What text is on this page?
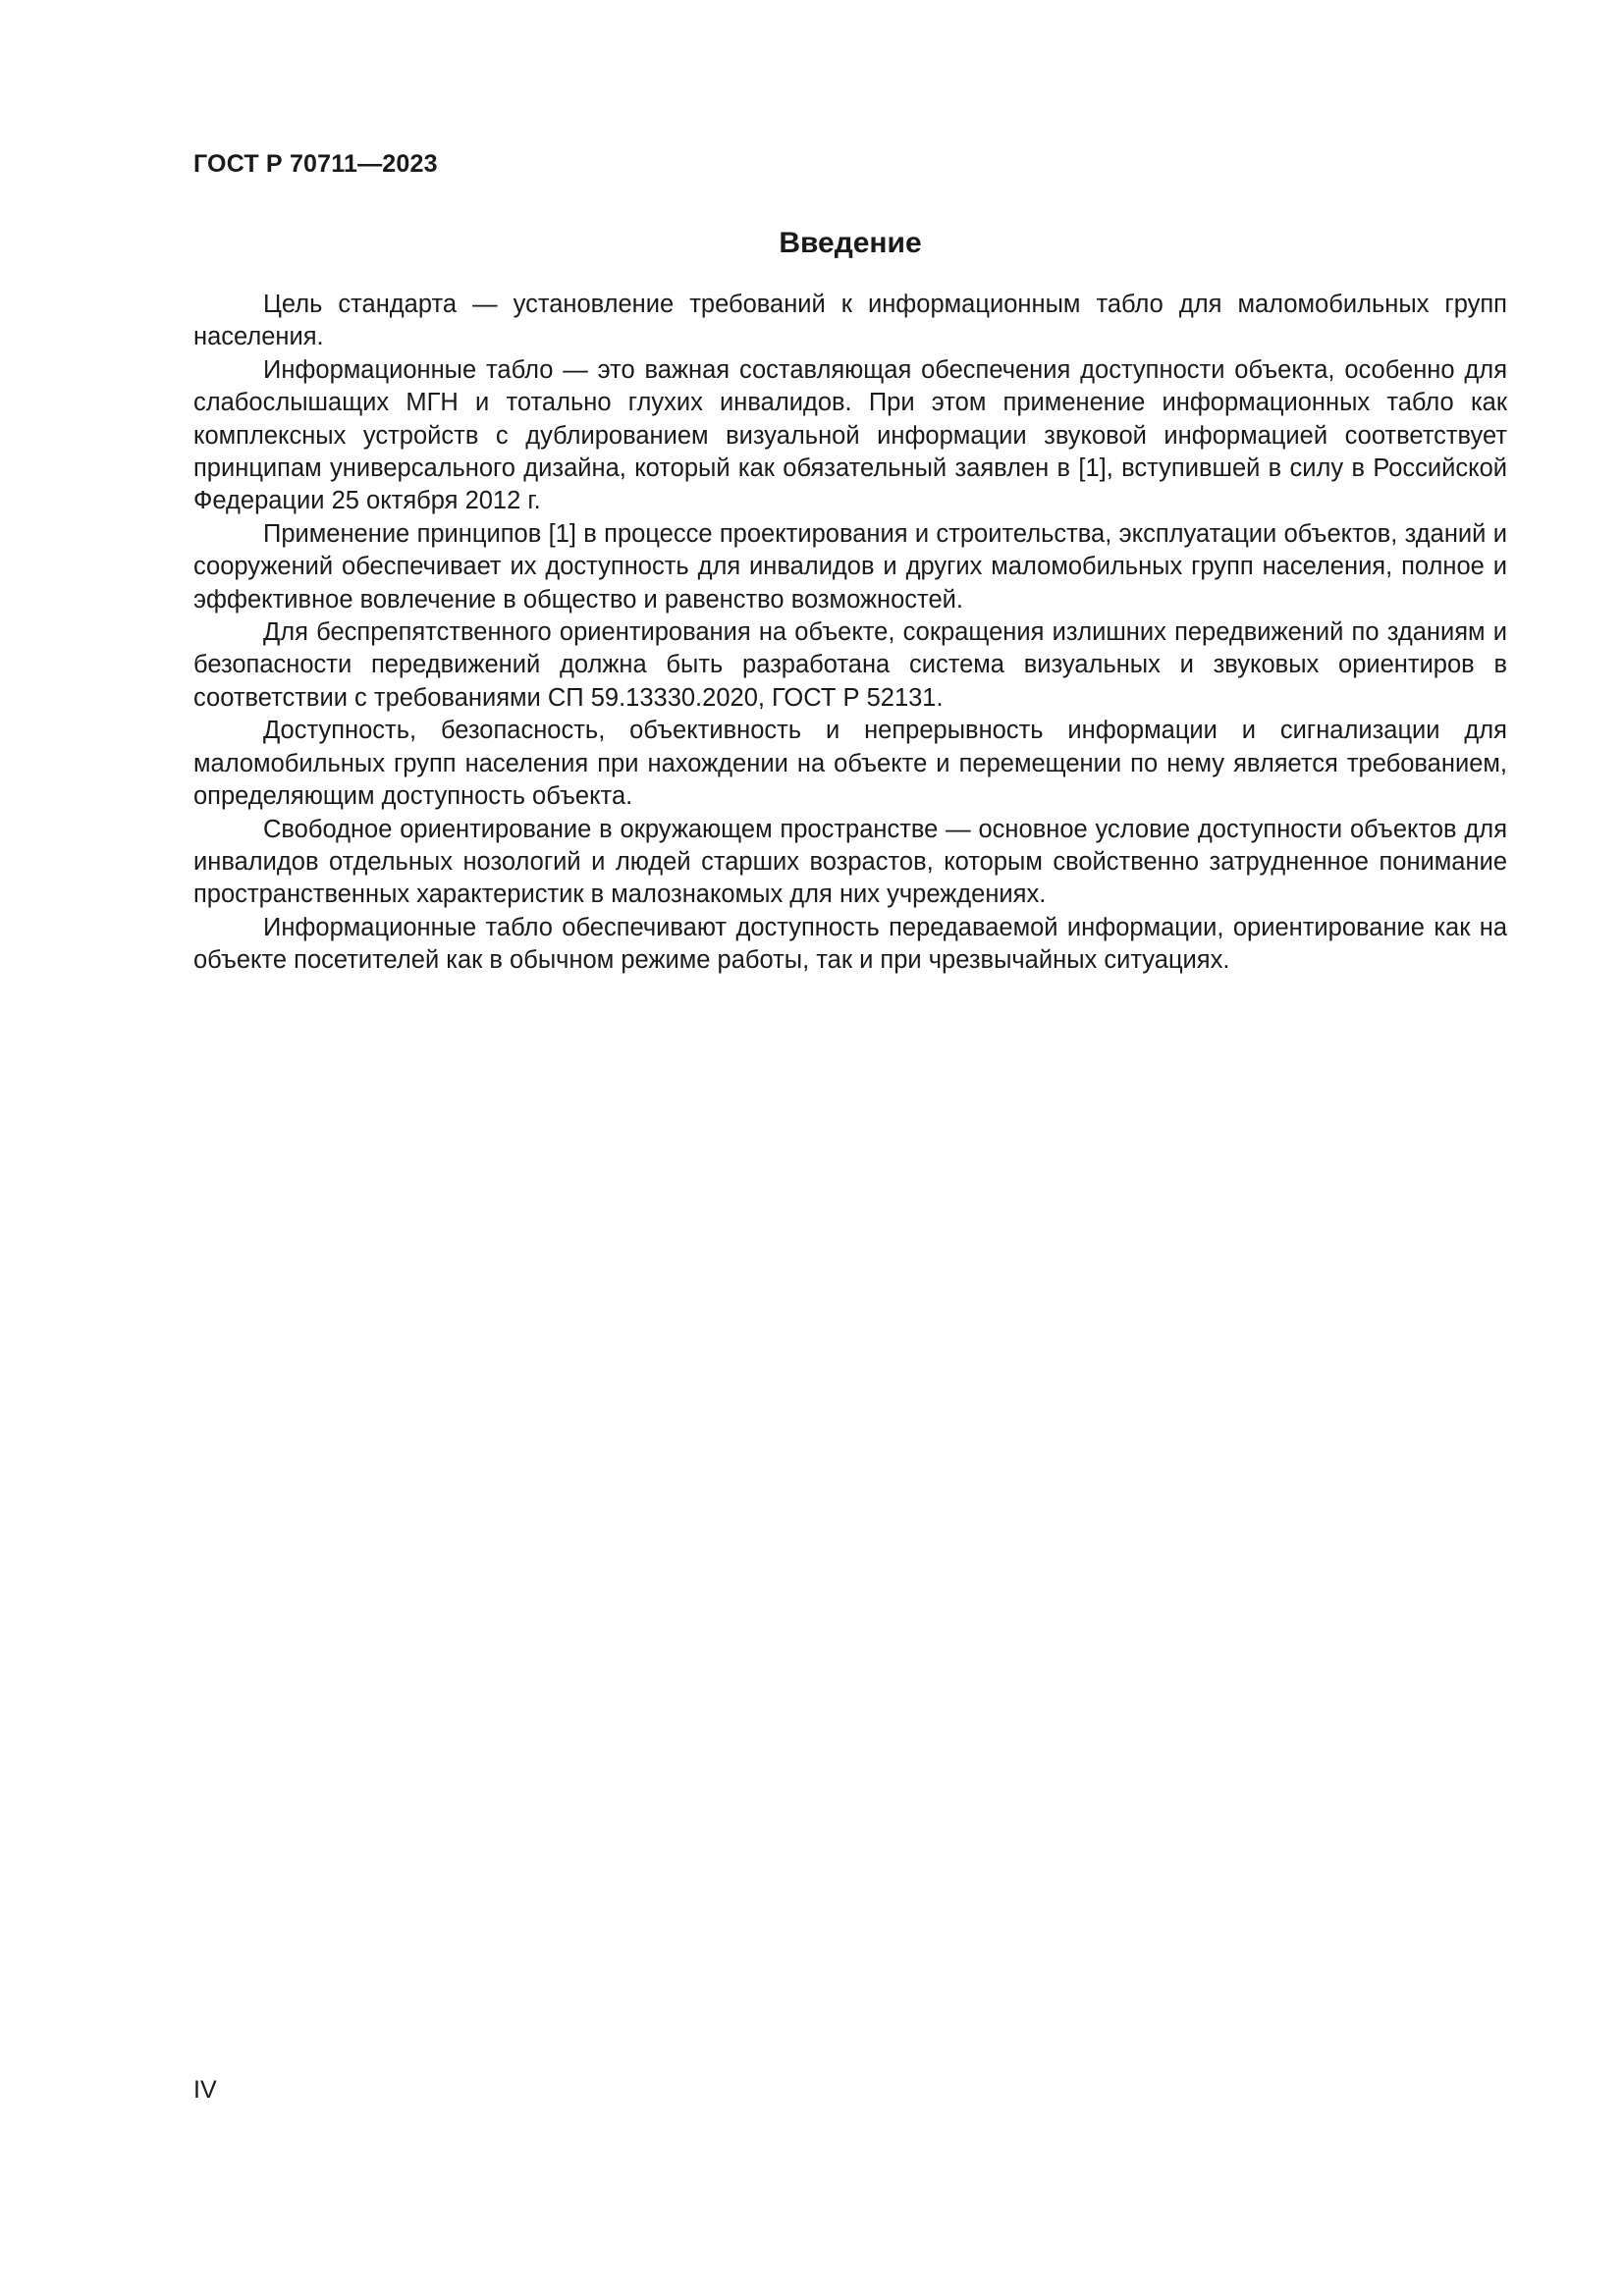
ГОСТ Р 70711—2023
Введение

Цель стандарта — установление требований к информационным табло для маломобильных групп населения.

Информационные табло — это важная составляющая обеспечения доступности объекта, особенно для слабослышащих МГН и тотально глухих инвалидов. При этом применение информационных табло как комплексных устройств с дублированием визуальной информации звуковой информацией соответствует принципам универсального дизайна, который как обязательный заявлен в [1], вступившей в силу в Российской Федерации 25 октября 2012 г.

Применение принципов [1] в процессе проектирования и строительства, эксплуатации объектов, зданий и сооружений обеспечивает их доступность для инвалидов и других маломобильных групп населения, полное и эффективное вовлечение в общество и равенство возможностей.

Для беспрепятственного ориентирования на объекте, сокращения излишних передвижений по зданиям и безопасности передвижений должна быть разработана система визуальных и звуковых ориентиров в соответствии с требованиями СП 59.13330.2020, ГОСТ Р 52131.

Доступность, безопасность, объективность и непрерывность информации и сигнализации для маломобильных групп населения при нахождении на объекте и перемещении по нему является требованием, определяющим доступность объекта.

Свободное ориентирование в окружающем пространстве — основное условие доступности объектов для инвалидов отдельных нозологий и людей старших возрастов, которым свойственно затрудненное понимание пространственных характеристик в малознакомых для них учреждениях.

Информационные табло обеспечивают доступность передаваемой информации, ориентирование как на объекте посетителей как в обычном режиме работы, так и при чрезвычайных ситуациях.

IV
